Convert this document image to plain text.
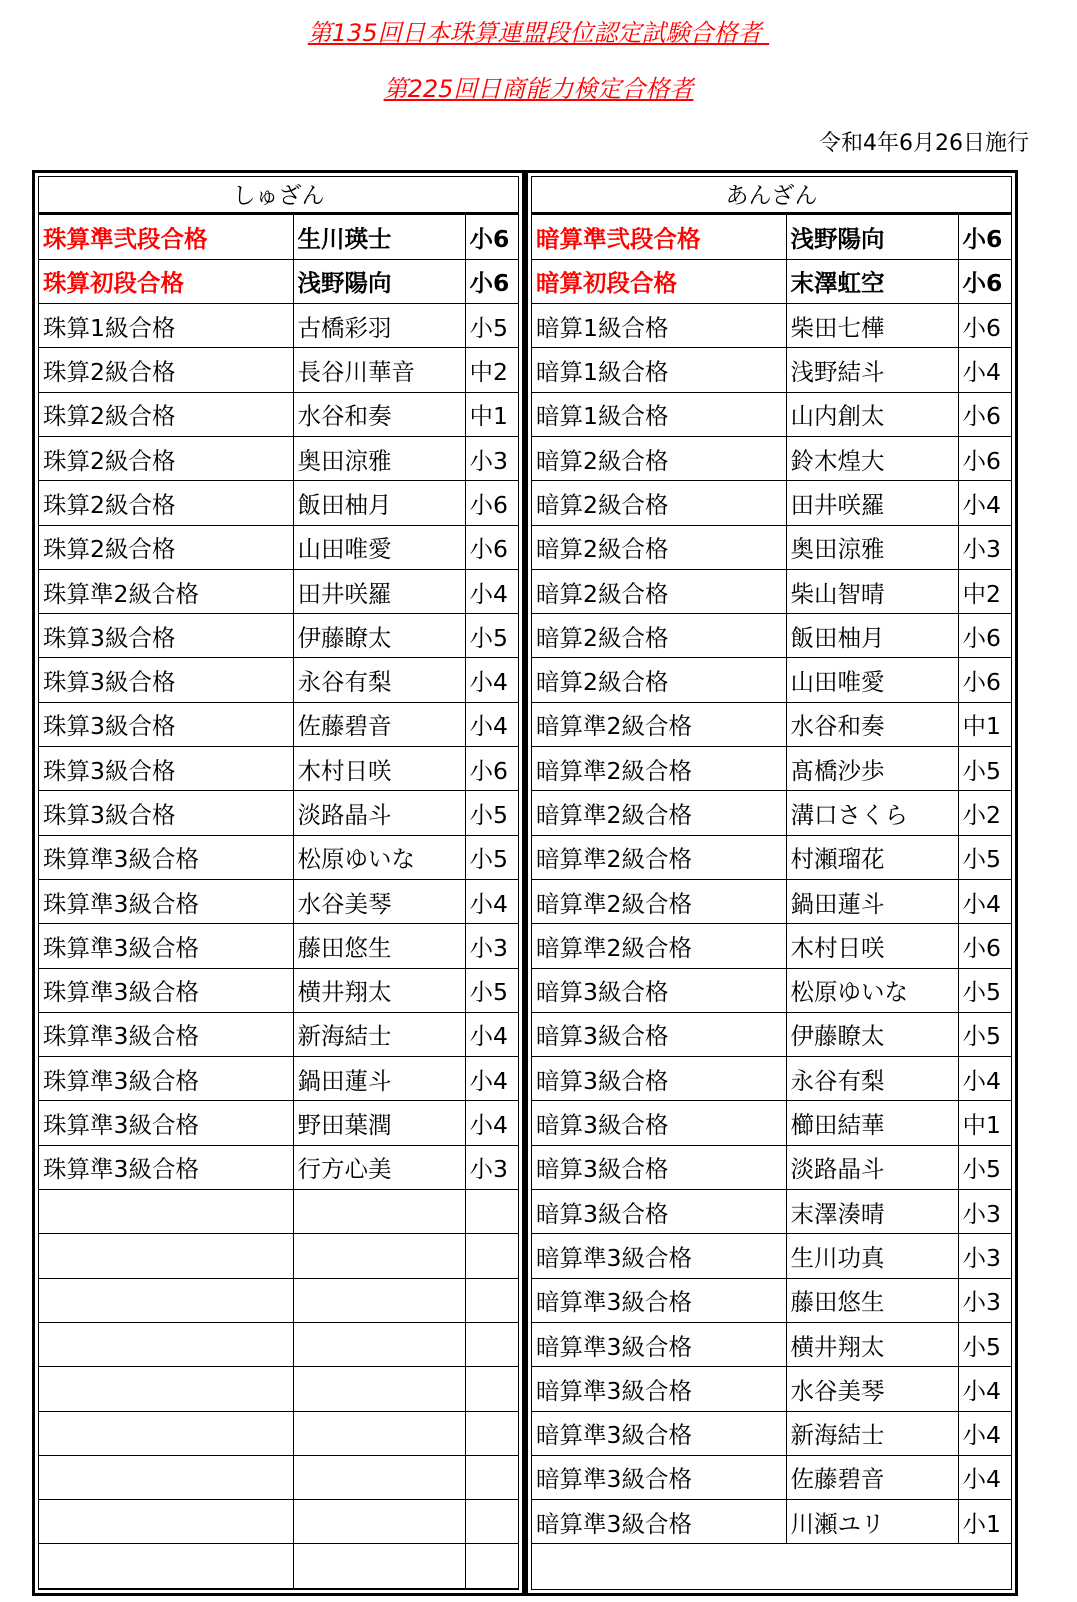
第135回日本珠算連盟段位認定試験合格者
第225回日商能力検定合格者
令和4年6月26日施行
しゅざん
珠算準弐段合格	生川瑛士	小6
珠算初段合格	浅野陽向	小6
珠算1級合格	古橋彩羽	小5
珠算2級合格	長谷川華音	中2
珠算2級合格	水谷和奏	中1
珠算2級合格	奥田涼雅	小3
珠算2級合格	飯田柚月	小6
珠算2級合格	山田唯愛	小6
珠算準2級合格	田井咲羅	小4
珠算3級合格	伊藤瞭太	小5
珠算3級合格	永谷有梨	小4
珠算3級合格	佐藤碧音	小4
珠算3級合格	木村日咲	小6
珠算3級合格	淡路晶斗	小5
珠算準3級合格	松原ゆいな	小5
珠算準3級合格	水谷美琴	小4
珠算準3級合格	藤田悠生	小3
珠算準3級合格	横井翔太	小5
珠算準3級合格	新海結士	小4
珠算準3級合格	鍋田蓮斗	小4
珠算準3級合格	野田葉潤	小4
珠算準3級合格	行方心美	小3

あんざん
暗算準弐段合格	浅野陽向	小6
暗算初段合格	末澤虹空	小6
暗算1級合格	柴田七樺	小6
暗算1級合格	浅野結斗	小4
暗算1級合格	山内創太	小6
暗算2級合格	鈴木煌大	小6
暗算2級合格	田井咲羅	小4
暗算2級合格	奥田涼雅	小3
暗算2級合格	柴山智晴	中2
暗算2級合格	飯田柚月	小6
暗算2級合格	山田唯愛	小6
暗算準2級合格	水谷和奏	中1
暗算準2級合格	髙橋沙歩	小5
暗算準2級合格	溝口さくら	小2
暗算準2級合格	村瀬瑠花	小5
暗算準2級合格	鍋田蓮斗	小4
暗算準2級合格	木村日咲	小6
暗算3級合格	松原ゆいな	小5
暗算3級合格	伊藤瞭太	小5
暗算3級合格	永谷有梨	小4
暗算3級合格	櫛田結華	中1
暗算3級合格	淡路晶斗	小5
暗算3級合格	末澤湊晴	小3
暗算準3級合格	生川功真	小3
暗算準3級合格	藤田悠生	小3
暗算準3級合格	横井翔太	小5
暗算準3級合格	水谷美琴	小4
暗算準3級合格	新海結士	小4
暗算準3級合格	佐藤碧音	小4
暗算準3級合格	川瀬ユリ	小1
